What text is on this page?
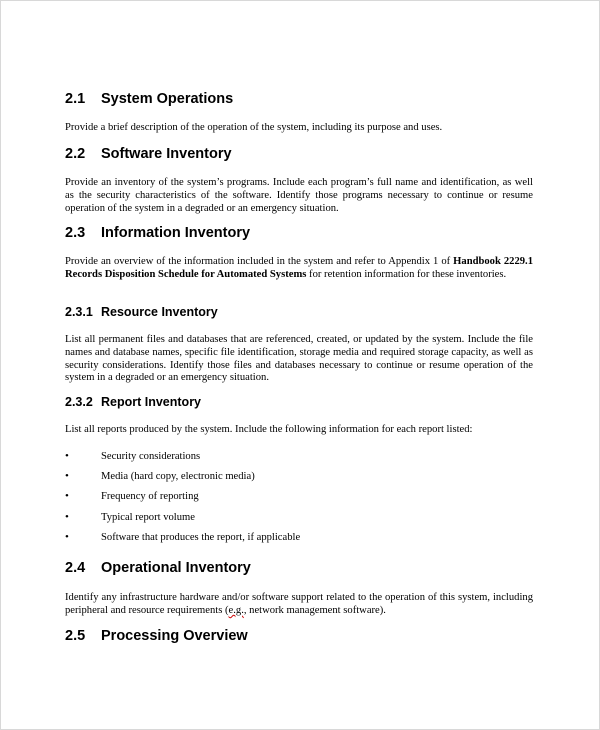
2.1 System Operations

Provide a brief description of the operation of the system, including its purpose and uses.

2.2 Software Inventory

Provide an inventory of the system’s programs. Include each program’s full name and identification, as well as the security characteristics of the software. Identify those programs necessary to continue or resume operation of the system in a degraded or an emergency situation.

2.3 Information Inventory

Provide an overview of the information included in the system and refer to Appendix 1 of Handbook 2229.1 Records Disposition Schedule for Automated Systems for retention information for these inventories.

2.3.1 Resource Inventory

List all permanent files and databases that are referenced, created, or updated by the system. Include the file names and database names, specific file identification, storage media and required storage capacity, as well as security considerations. Identify those files and databases necessary to continue or resume operation of the system in a degraded or an emergency situation.

2.3.2 Report Inventory

List all reports produced by the system. Include the following information for each report listed:

•	Security considerations
•	Media (hard copy, electronic media)
•	Frequency of reporting
•	Typical report volume
•	Software that produces the report, if applicable
2.4 Operational Inventory

Identify any infrastructure hardware and/or software support related to the operation of this system, including peripheral and resource requirements (e.g., network management software).

2.5 Processing Overview
